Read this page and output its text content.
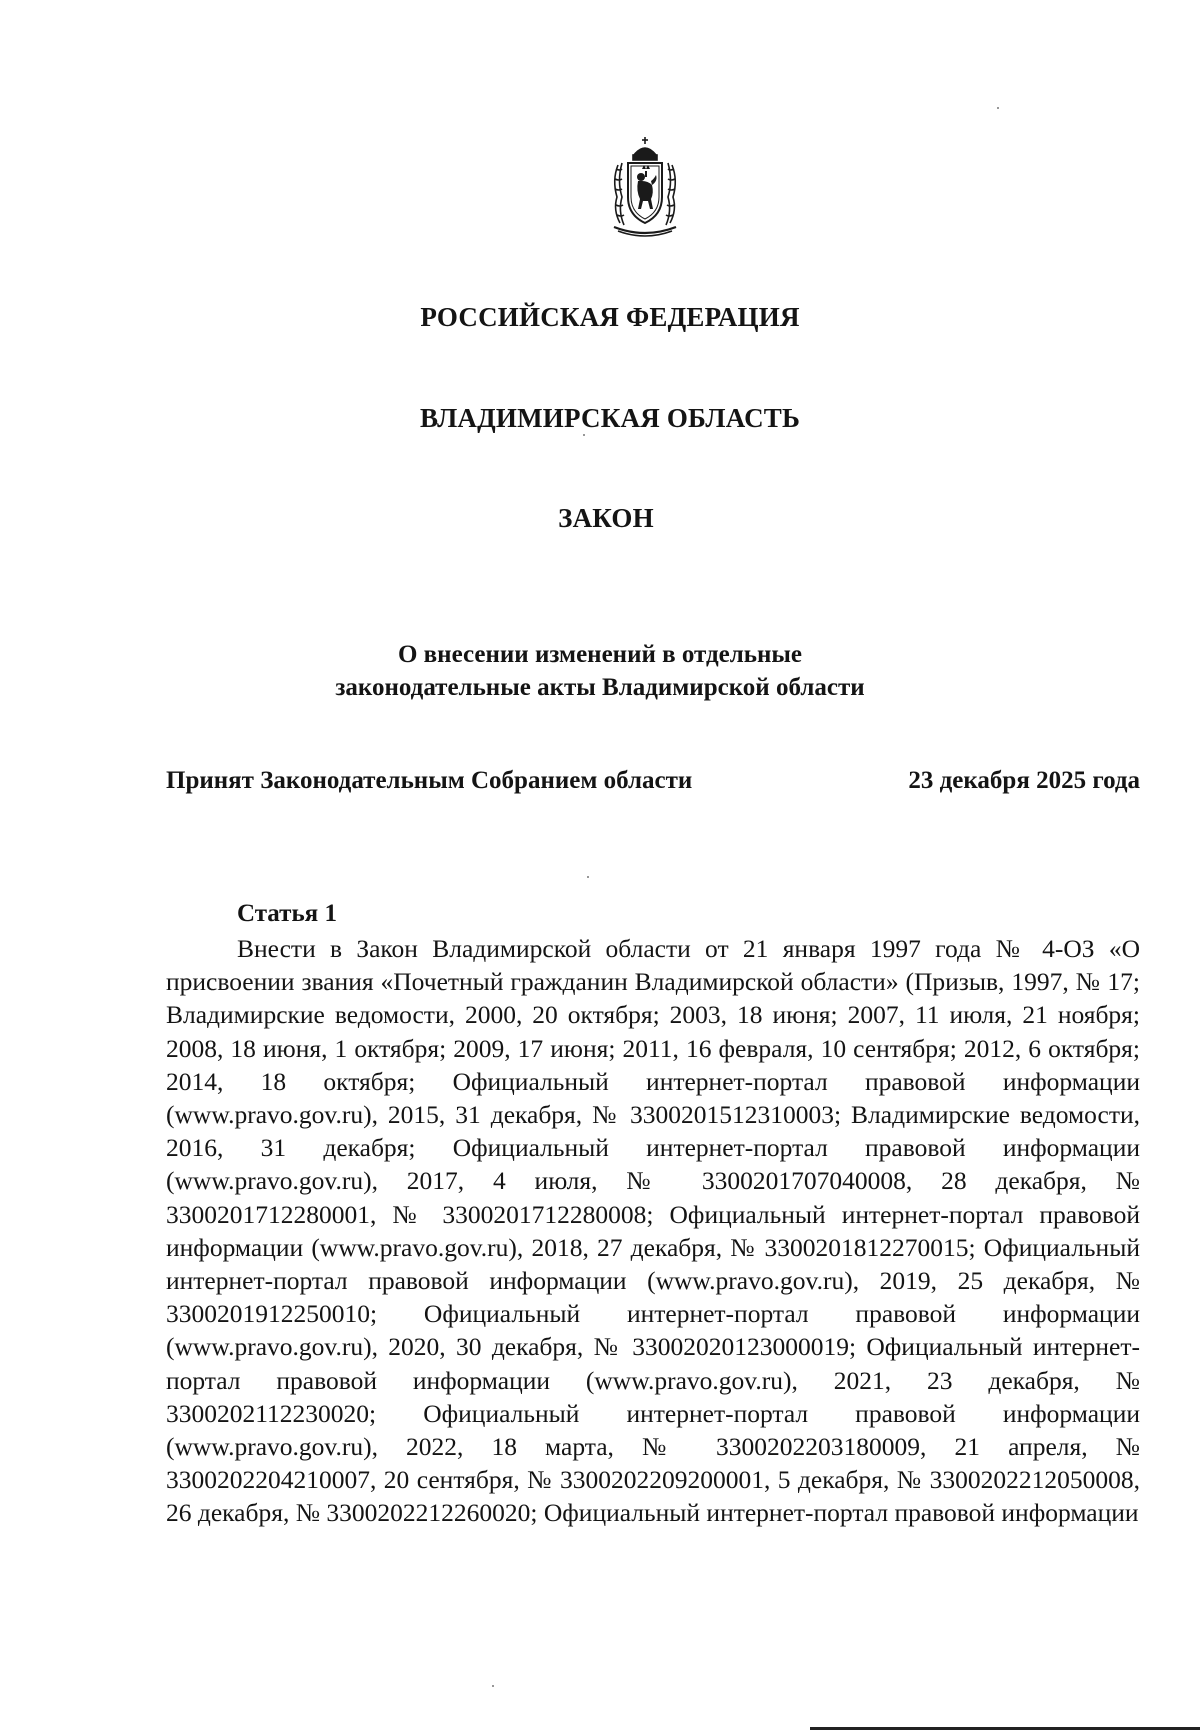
РОССИЙСКАЯ ФЕДЕРАЦИЯ
ВЛАДИМИРСКАЯ ОБЛАСТЬ
ЗАКОН
О внесении изменений в отдельные
законодательные акты Владимирской области
Принят Законодательным Собранием области	23 декабря 2025 года
Статья 1

Внести в Закон Владимирской области от 21 января 1997 года № 4-ОЗ «О присвоении звания «Почетный гражданин Владимирской области» (Призыв, 1997, № 17; Владимирские ведомости, 2000, 20 октября; 2003, 18 июня; 2007, 11 июля, 21 ноября; 2008, 18 июня, 1 октября; 2009, 17 июня; 2011, 16 февраля, 10 сентября; 2012, 6 октября; 2014, 18 октября; Официальный интернет-портал правовой информации (www.pravo.gov.ru), 2015, 31 декабря, № 3300201512310003; Владимирские ведомости, 2016, 31 декабря; Официальный интернет-портал правовой информации (www.pravo.gov.ru), 2017, 4 июля, № 3300201707040008, 28 декабря, № 3300201712280001, № 3300201712280008; Официальный интернет-портал правовой информации (www.pravo.gov.ru), 2018, 27 декабря, № 3300201812270015; Официальный интернет-портал правовой информации (www.pravo.gov.ru), 2019, 25 декабря, № 3300201912250010; Официальный интернет-портал правовой информации (www.pravo.gov.ru), 2020, 30 декабря, № 33002020123000019; Официальный интернет-портал правовой информации (www.pravo.gov.ru), 2021, 23 декабря, № 3300202112230020; Официальный интернет-портал правовой информации (www.pravo.gov.ru), 2022, 18 марта, № 3300202203180009, 21 апреля, № 3300202204210007, 20 сентября, № 3300202209200001, 5 декабря, № 3300202212050008, 26 декабря, № 3300202212260020; Официальный интернет-портал правовой информации
